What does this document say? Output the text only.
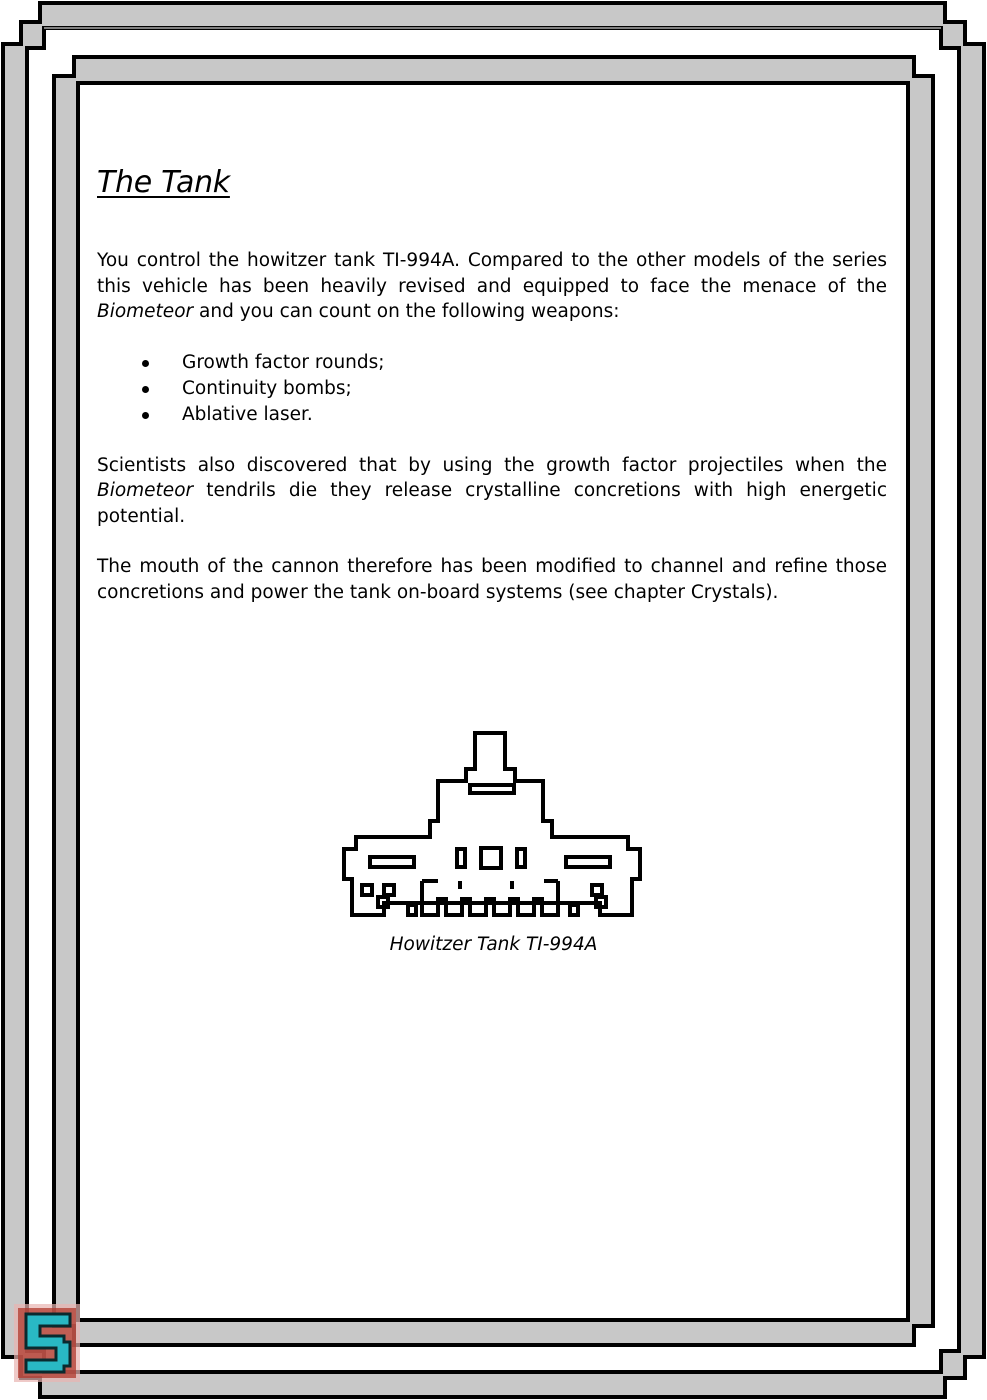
The Tank

You control the howitzer tank TI-994A. Compared to the other models of the series this vehicle has been heavily revised and equipped to face the menace of the Biometeor and you can count on the following weapons:

Growth factor rounds;
Continuity bombs;
Ablative laser.

Scientists also discovered that by using the growth factor projectiles when the Biometeor tendrils die they release crystalline concretions with high energetic potential.

The mouth of the cannon therefore has been modified to channel and refine those concretions and power the tank on-board systems (see chapter Crystals).

Howitzer Tank TI-994A
